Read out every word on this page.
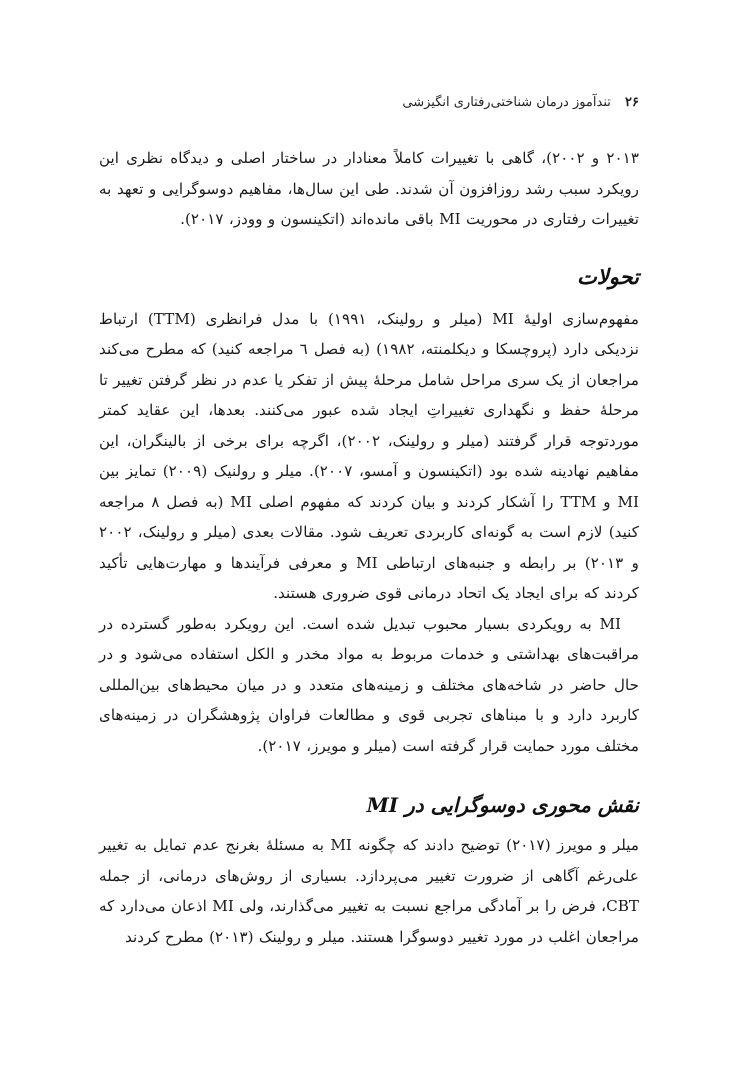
۲۶ تندآموز درمان شناختی‌رفتاری انگیزشی

۲۰۱۳ و ۲۰۰۲)، گاهی با تغییرات کاملاً معنادار در ساختار اصلی و دیدگاه نظری این رویکرد سبب رشد روزافزون آن شدند. طی این سال‌ها، مفاهیم دوسوگرایی و تعهد به تغییرات رفتاری در محوریت MI باقی مانده‌اند (اتکینسون و وودز، ۲۰۱۷).

تحولات

مفهوم‌سازی اولیهٔ MI (میلر و رولینک، ۱۹۹۱) با مدل فرانظری (TTM) ارتباط نزدیکی دارد (پروچسکا و دیکلمنته، ۱۹۸۲) (به فصل ٦ مراجعه کنید) که مطرح می‌کند مراجعان از یک سری مراحل شامل مرحلهٔ پیش از تفکر یا عدم در نظر گرفتن تغییر تا مرحلهٔ حفظ و نگهداری تغییراتِ ایجاد شده عبور می‌کنند. بعدها، این عقاید کمتر موردتوجه قرار گرفتند (میلر و رولینک، ۲۰۰۲)، اگرچه برای برخی از بالینگران، این مفاهیم نهادینه شده بود (اتکینسون و آمسو، ۲۰۰۷). میلر و رولنیک (۲۰۰۹) تمایز بین MI و TTM را آشکار کردند و بیان کردند که مفهوم اصلی MI (به فصل ۸ مراجعه کنید) لازم است به گونه‌ای کاربردی تعریف شود. مقالات بعدی (میلر و رولینک، ۲۰۰۲ و ۲۰۱۳) بر رابطه و جنبه‌های ارتباطی MI و معرفی فرآیندها و مهارت‌هایی تأکید کردند که برای ایجاد یک اتحاد درمانی قوی ضروری هستند.

MI به رویکردی بسیار محبوب تبدیل شده است. این رویکرد به‌طور گسترده در مراقبت‌های بهداشتی و خدمات مربوط به مواد مخدر و الکل استفاده می‌شود و در حال حاضر در شاخه‌های مختلف و زمینه‌های متعدد و در میان محیط‌های بین‌المللی کاربرد دارد و با مبناهای تجربی قوی و مطالعات فراوان پژوهشگران در زمینه‌های مختلف مورد حمایت قرار گرفته است (میلر و مویرز، ۲۰۱۷).

نقش محوری دوسوگرایی در MI

میلر و مویرز (۲۰۱۷) توضیح دادند که چگونه MI به مسئلهٔ بغرنج عدم تمایل به تغییر علی‌رغم آگاهی از ضرورت تغییر می‌پردازد. بسیاری از روش‌های درمانی، از جمله CBT، فرض را بر آمادگی مراجع نسبت به تغییر می‌گذارند، ولی MI اذعان می‌دارد که مراجعان اغلب در مورد تغییر دوسوگرا هستند. میلر و رولینک (۲۰۱۳) مطرح کردند
